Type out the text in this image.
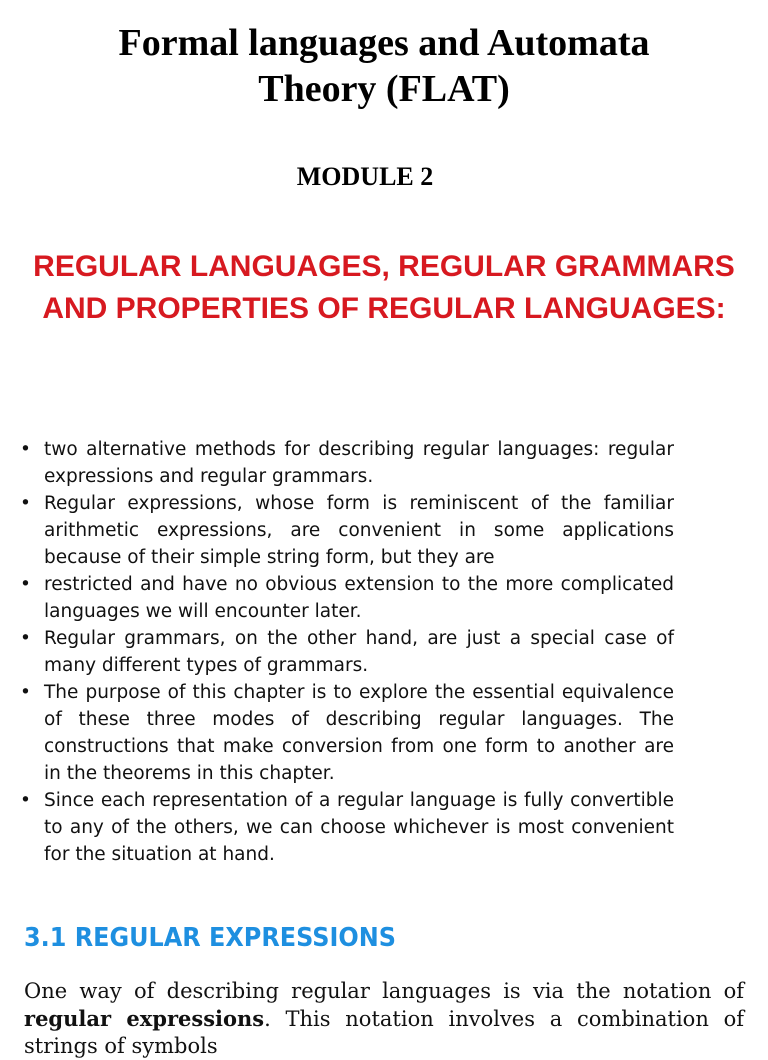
Formal languages and Automata
Theory (FLAT)
MODULE 2
REGULAR LANGUAGES, REGULAR GRAMMARS
AND PROPERTIES OF REGULAR LANGUAGES:
• two alternative methods for describing regular languages: regular expressions and regular grammars.
• Regular expressions, whose form is reminiscent of the familiar arithmetic expressions, are convenient in some applications because of their simple string form, but they are
• restricted and have no obvious extension to the more complicated languages we will encounter later.
• Regular grammars, on the other hand, are just a special case of many different types of grammars.
• The purpose of this chapter is to explore the essential equivalence of these three modes of describing regular languages. The constructions that make conversion from one form to another are in the theorems in this chapter.
• Since each representation of a regular language is fully convertible to any of the others, we can choose whichever is most convenient for the situation at hand.
3.1 REGULAR EXPRESSIONS

One way of describing regular languages is via the notation of regular expressions. This notation involves a combination of strings of symbols
